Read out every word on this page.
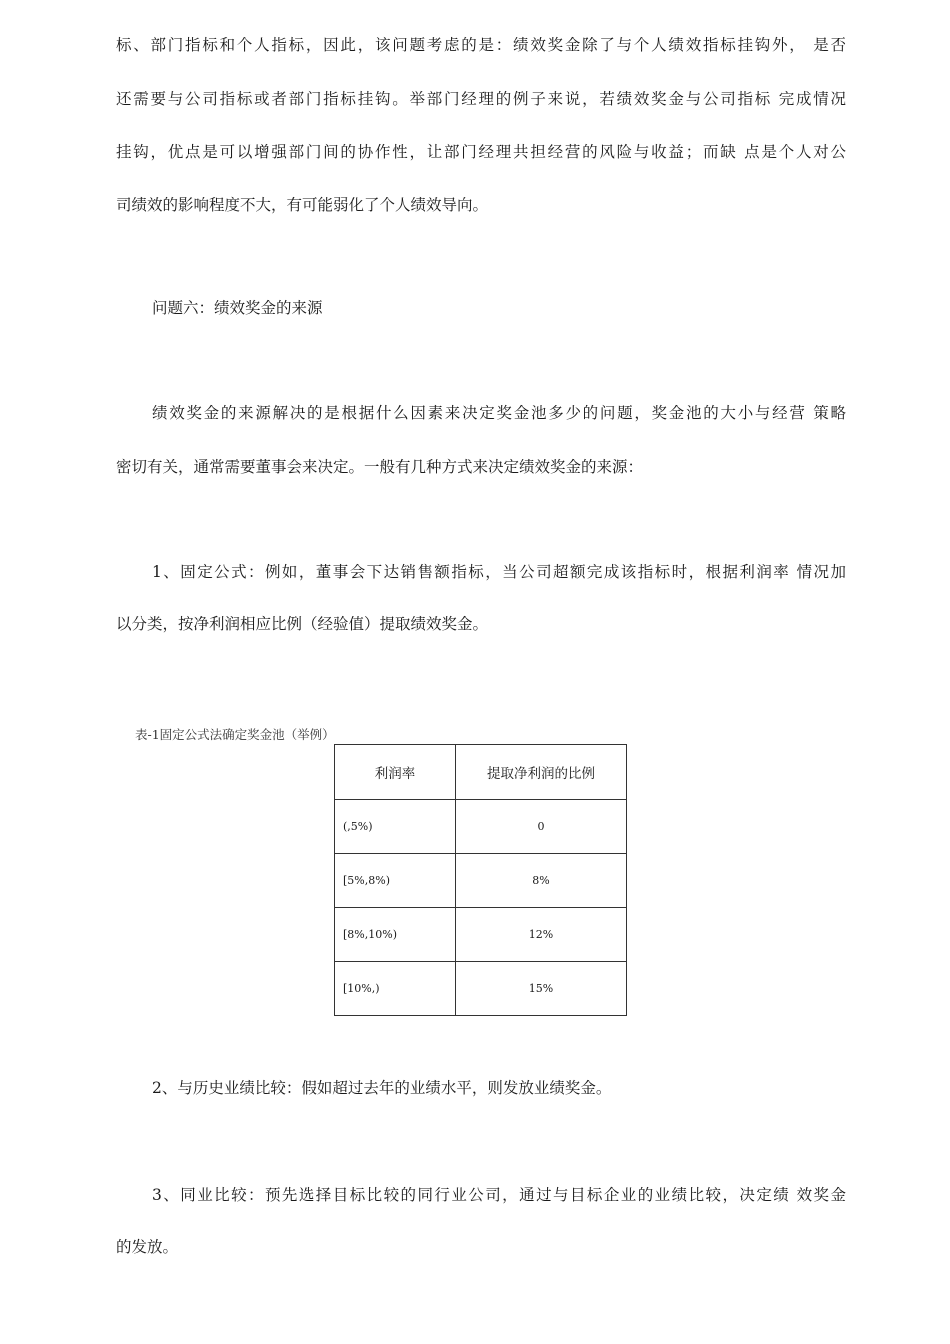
标、部门指标和个人指标，因此，该问题考虑的是：绩效奖金除了与个人绩效指标挂钩外， 是否

还需要与公司指标或者部门指标挂钩。举部门经理的例子来说，若绩效奖金与公司指标 完成情况

挂钩，优点是可以增强部门间的协作性，让部门经理共担经营的风险与收益；而缺 点是个人对公

司绩效的影响程度不大，有可能弱化了个人绩效导向。

问题六：绩效奖金的来源

绩效奖金的来源解决的是根据什么因素来决定奖金池多少的问题，奖金池的大小与经营 策略

密切有关，通常需要董事会来决定。一般有几种方式来决定绩效奖金的来源：

1、固定公式：例如，董事会下达销售额指标，当公司超额完成该指标时，根据利润率 情况加

以分类，按净利润相应比例（经验值）提取绩效奖金。

表-1固定公式法确定奖金池（举例）
利润率	提取净利润的比例
(,5%)	0
[5%,8%)	8%
[8%,10%)	12%
[10%,)	15%

2、与历史业绩比较：假如超过去年的业绩水平，则发放业绩奖金。

3、同业比较：预先选择目标比较的同行业公司，通过与目标企业的业绩比较，决定绩 效奖金

的发放。
